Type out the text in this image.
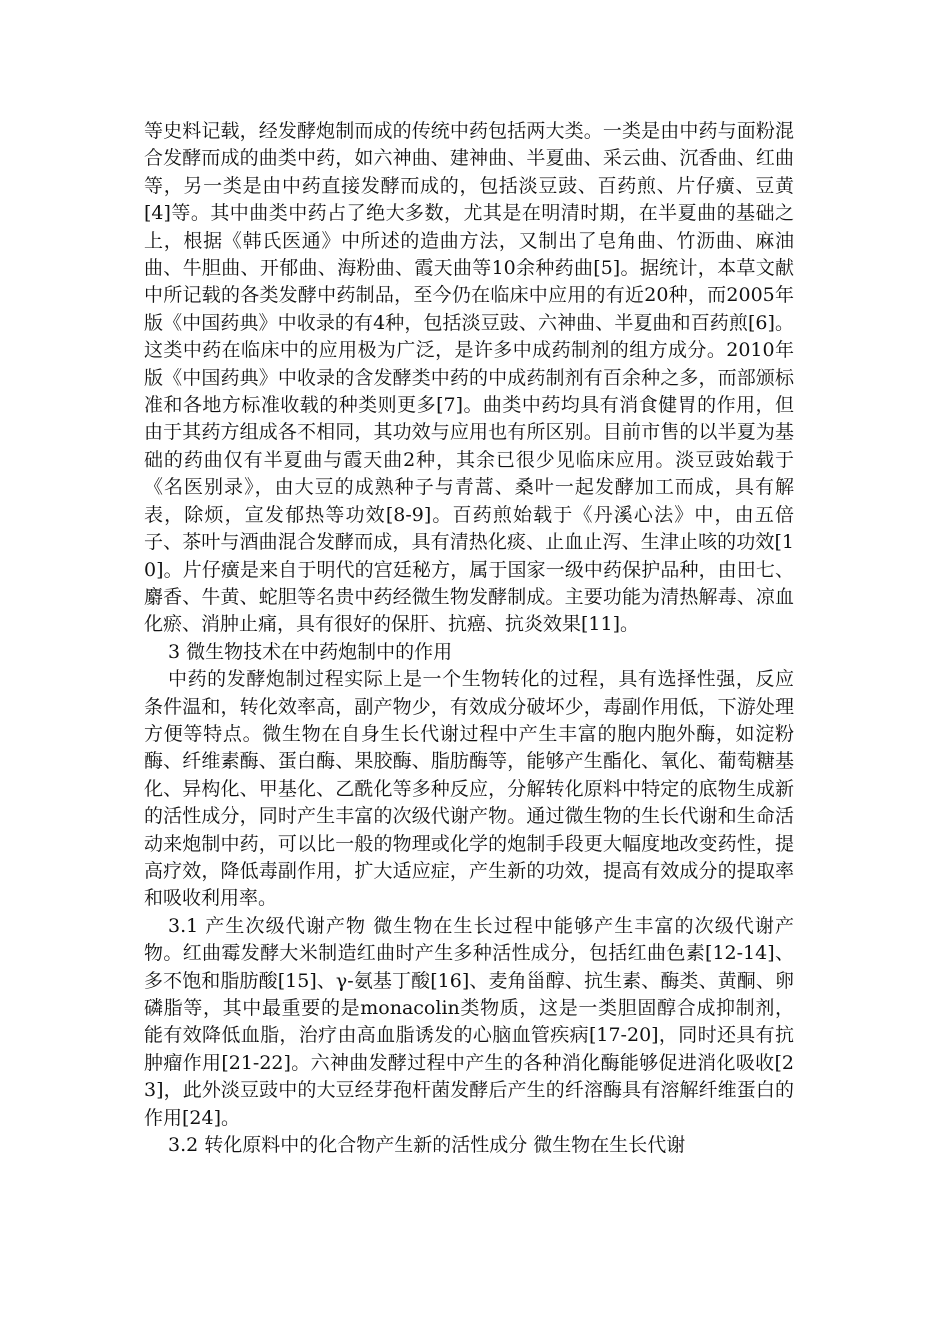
等史料记载，经发酵炮制而成的传统中药包括两大类。一类是由中药与面粉混合发酵而成的曲类中药，如六神曲、建神曲、半夏曲、采云曲、沉香曲、红曲等，另一类是由中药直接发酵而成的，包括淡豆豉、百药煎、片仔癀、豆黄[4]等。其中曲类中药占了绝大多数，尤其是在明清时期，在半夏曲的基础之上，根据《韩氏医通》中所述的造曲方法，又制出了皂角曲、竹沥曲、麻油曲、牛胆曲、开郁曲、海粉曲、霞天曲等10余种药曲[5]。据统计，本草文献中所记载的各类发酵中药制品，至今仍在临床中应用的有近20种，而2005年版《中国药典》中收录的有4种，包括淡豆豉、六神曲、半夏曲和百药煎[6]。这类中药在临床中的应用极为广泛，是许多中成药制剂的组方成分。2010年版《中国药典》中收录的含发酵类中药的中成药制剂有百余种之多，而部颁标准和各地方标准收载的种类则更多[7]。曲类中药均具有消食健胃的作用，但由于其药方组成各不相同，其功效与应用也有所区别。目前市售的以半夏为基础的药曲仅有半夏曲与霞天曲2种，其余已很少见临床应用。淡豆豉始载于《名医别录》，由大豆的成熟种子与青蒿、桑叶一起发酵加工而成，具有解表，除烦，宣发郁热等功效[8-9]。百药煎始载于《丹溪心法》中，由五倍子、茶叶与酒曲混合发酵而成，具有清热化痰、止血止泻、生津止咳的功效[10]。片仔癀是来自于明代的宫廷秘方，属于国家一级中药保护品种，由田七、麝香、牛黄、蛇胆等名贵中药经微生物发酵制成。主要功能为清热解毒、凉血化瘀、消肿止痛，具有很好的保肝、抗癌、抗炎效果[11]。

3 微生物技术在中药炮制中的作用

中药的发酵炮制过程实际上是一个生物转化的过程，具有选择性强，反应条件温和，转化效率高，副产物少，有效成分破坏少，毒副作用低，下游处理方便等特点。微生物在自身生长代谢过程中产生丰富的胞内胞外酶，如淀粉酶、纤维素酶、蛋白酶、果胶酶、脂肪酶等，能够产生酯化、氧化、葡萄糖基化、异构化、甲基化、乙酰化等多种反应，分解转化原料中特定的底物生成新的活性成分，同时产生丰富的次级代谢产物。通过微生物的生长代谢和生命活动来炮制中药，可以比一般的物理或化学的炮制手段更大幅度地改变药性，提高疗效，降低毒副作用，扩大适应症，产生新的功效，提高有效成分的提取率和吸收利用率。

3.1 产生次级代谢产物 微生物在生长过程中能够产生丰富的次级代谢产物。红曲霉发酵大米制造红曲时产生多种活性成分，包括红曲色素[12-14]、多不饱和脂肪酸[15]、γ-氨基丁酸[16]、麦角甾醇、抗生素、酶类、黄酮、卵磷脂等，其中最重要的是monacolin类物质，这是一类胆固醇合成抑制剂，能有效降低血脂，治疗由高血脂诱发的心脑血管疾病[17-20]，同时还具有抗肿瘤作用[21-22]。六神曲发酵过程中产生的各种消化酶能够促进消化吸收[23]，此外淡豆豉中的大豆经芽孢杆菌发酵后产生的纤溶酶具有溶解纤维蛋白的作用[24]。

3.2 转化原料中的化合物产生新的活性成分 微生物在生长代谢
